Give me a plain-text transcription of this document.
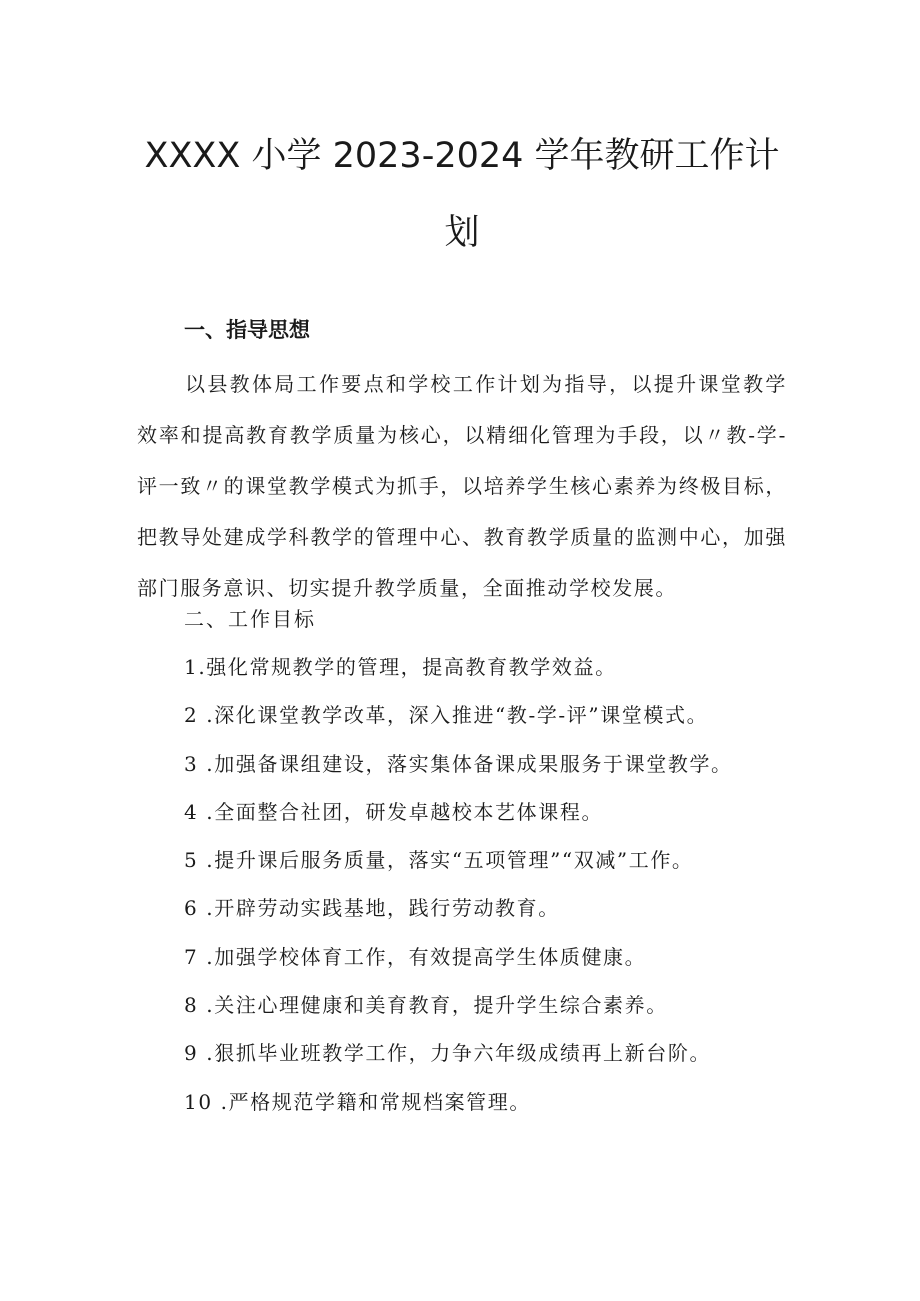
XXXX 小学 2023-2024 学年教研工作计
划
一、指导思想

以县教体局工作要点和学校工作计划为指导，以提升课堂教学效率和提高教育教学质量为核心，以精细化管理为手段，以〃教-学-评一致〃的课堂教学模式为抓手，以培养学生核心素养为终极目标，把教导处建成学科教学的管理中心、教育教学质量的监测中心，加强部门服务意识、切实提升教学质量，全面推动学校发展。

二、工作目标

1.强化常规教学的管理，提高教育教学效益。
2 .深化课堂教学改革，深入推进“教-学-评”课堂模式。
3 .加强备课组建设，落实集体备课成果服务于课堂教学。
4 .全面整合社团，研发卓越校本艺体课程。
5 .提升课后服务质量，落实“五项管理”“双减”工作。
6 .开辟劳动实践基地，践行劳动教育。
7 .加强学校体育工作，有效提高学生体质健康。
8 .关注心理健康和美育教育，提升学生综合素养。
9 .狠抓毕业班教学工作，力争六年级成绩再上新台阶。
10 .严格规范学籍和常规档案管理。
